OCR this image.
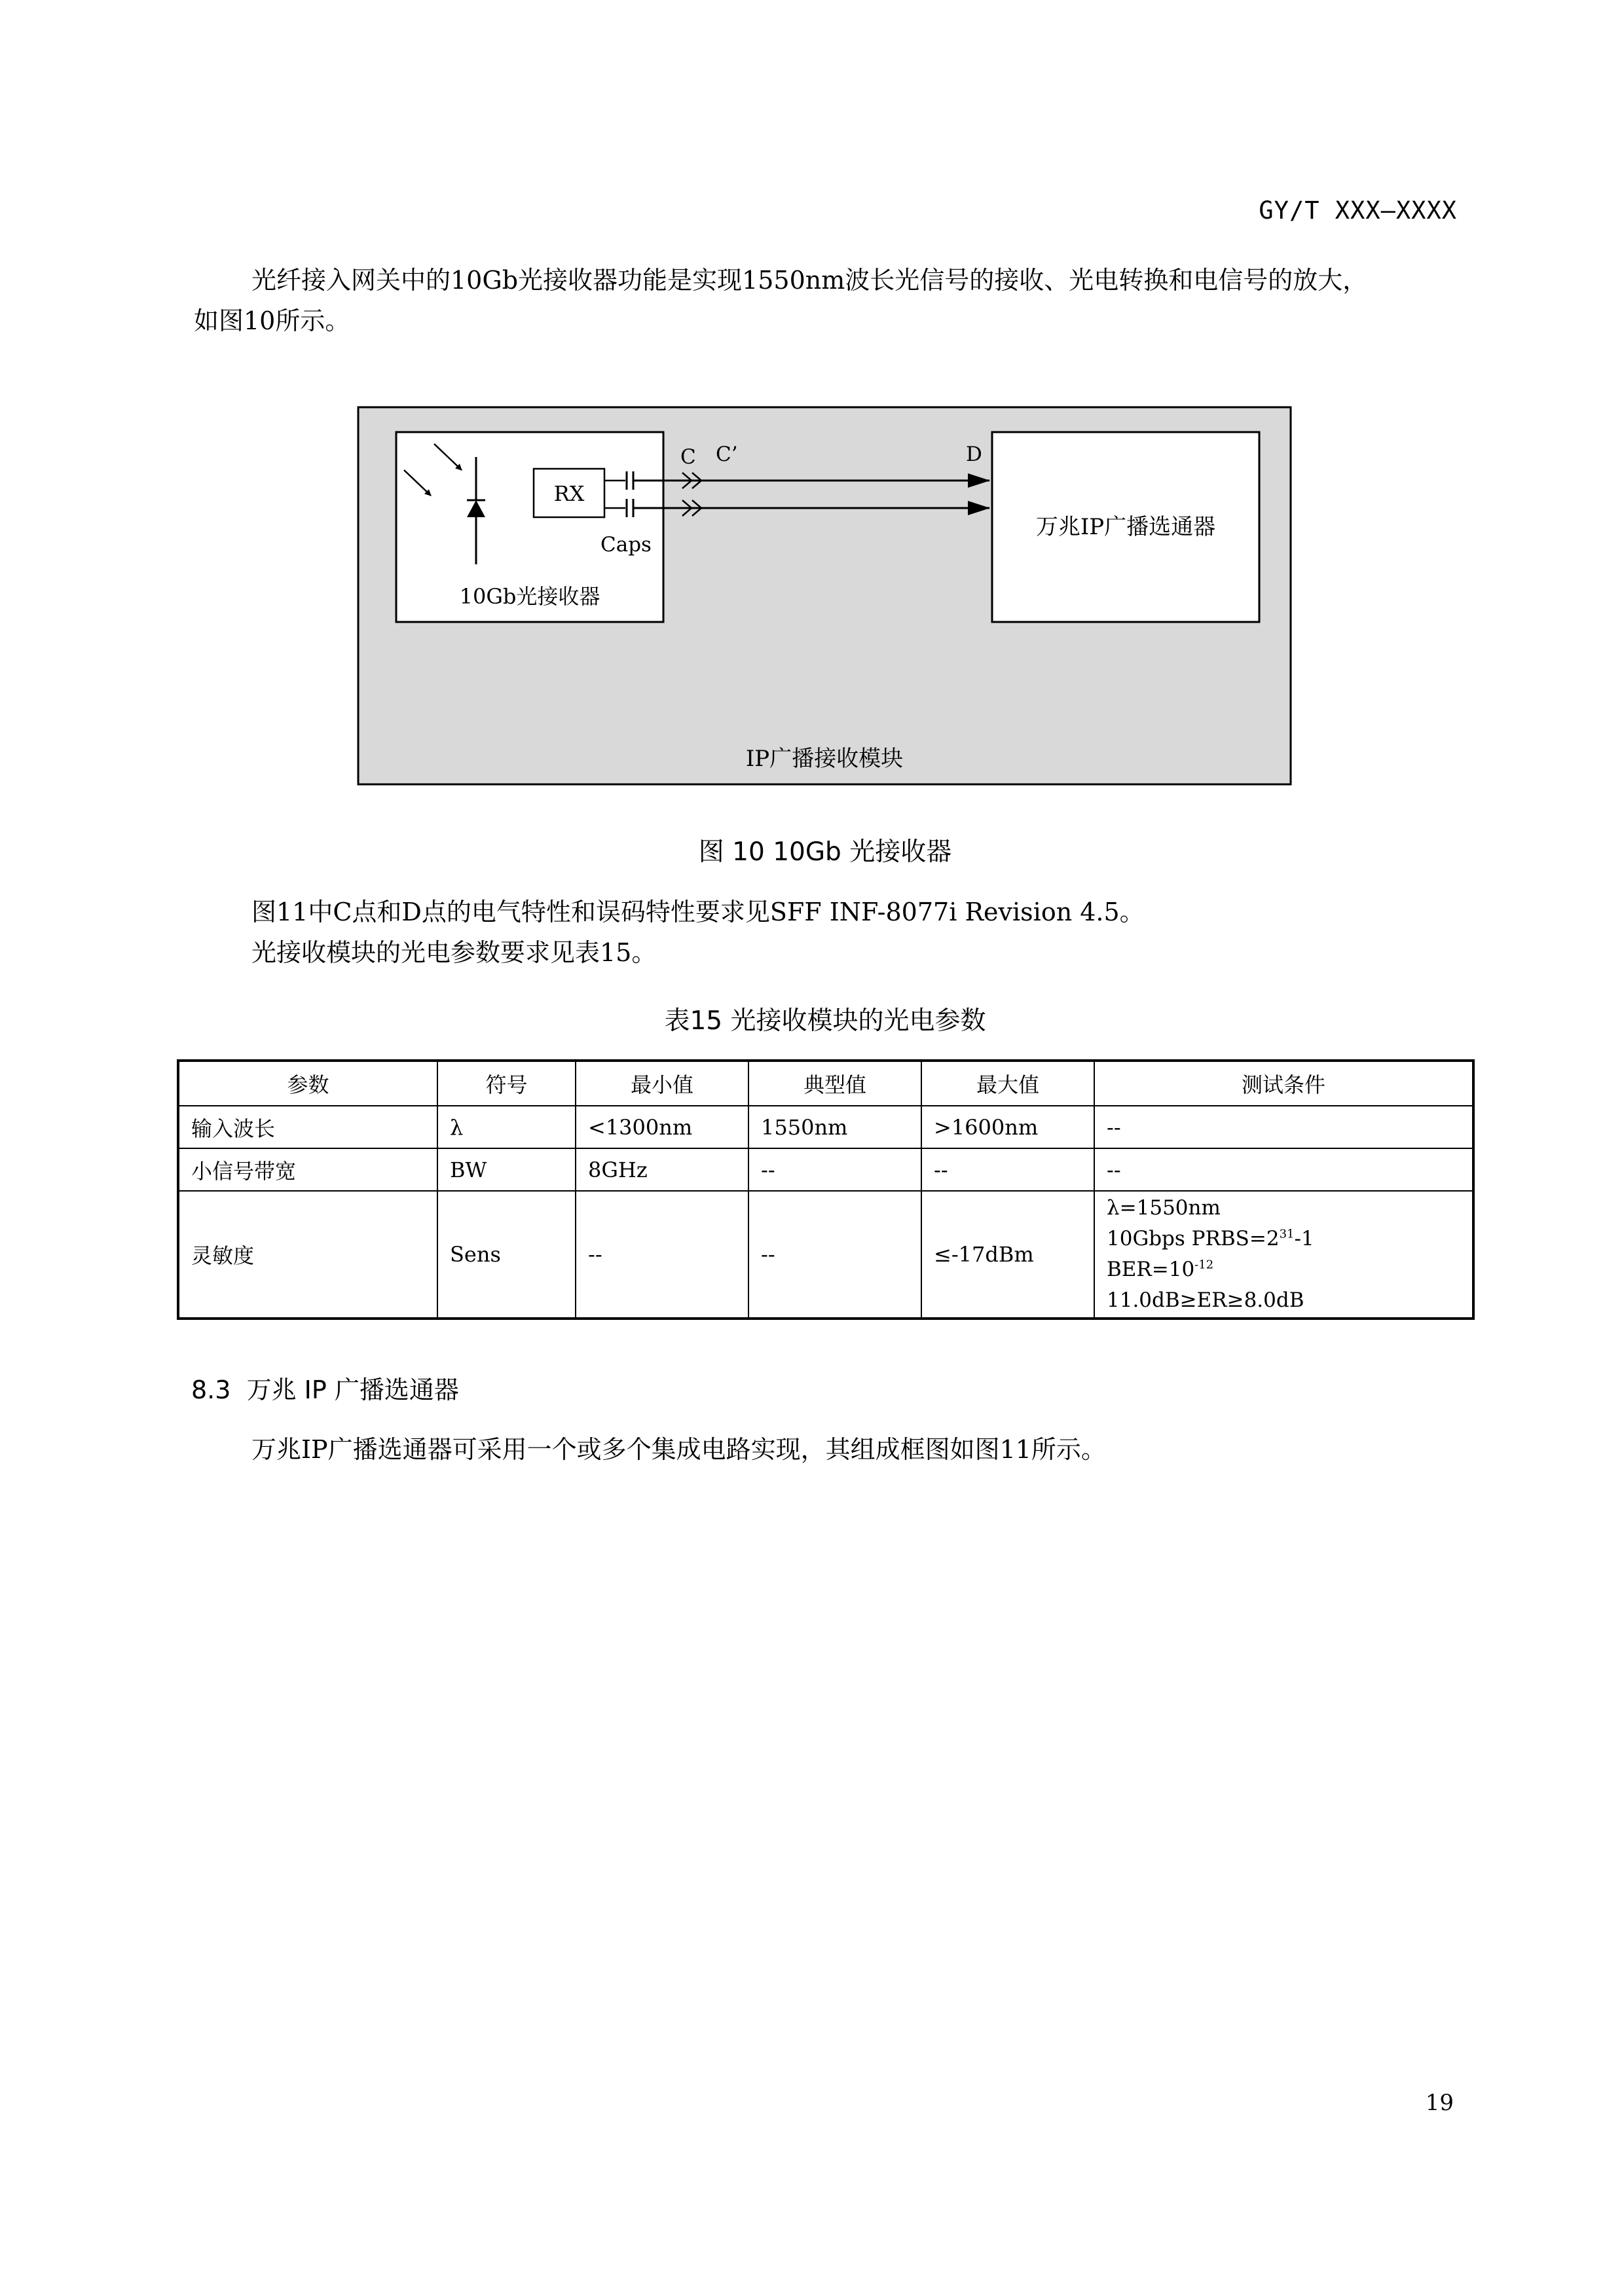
GY/T XXX—XXXX
光纤接入网关中的10Gb光接收器功能是实现1550nm波长光信号的接收、光电转换和电信号的放大，
如图10所示。
RX
Caps
C C’	D
10Gb光接收器
万兆IP广播选通器
IP广播接收模块
图 10 10Gb 光接收器
图11中C点和D点的电气特性和误码特性要求见SFF INF-8077i Revision 4.5。
光接收模块的光电参数要求见表15。
表15 光接收模块的光电参数
参数	符号	最小值	典型值	最大值	测试条件
输入波长	λ	<1300nm	1550nm	>1600nm	--
小信号带宽	BW	8GHz	--	--	--
灵敏度	Sens	--	--	≤-17dBm	λ=1550nm
10Gbps $PRBS=2^{31}-1$
$BER=10^{-12}$
11.0dB≥ER≥8.0dB
8.3  万兆 IP 广播选通器
万兆IP广播选通器可采用一个或多个集成电路实现，其组成框图如图11所示。
19
